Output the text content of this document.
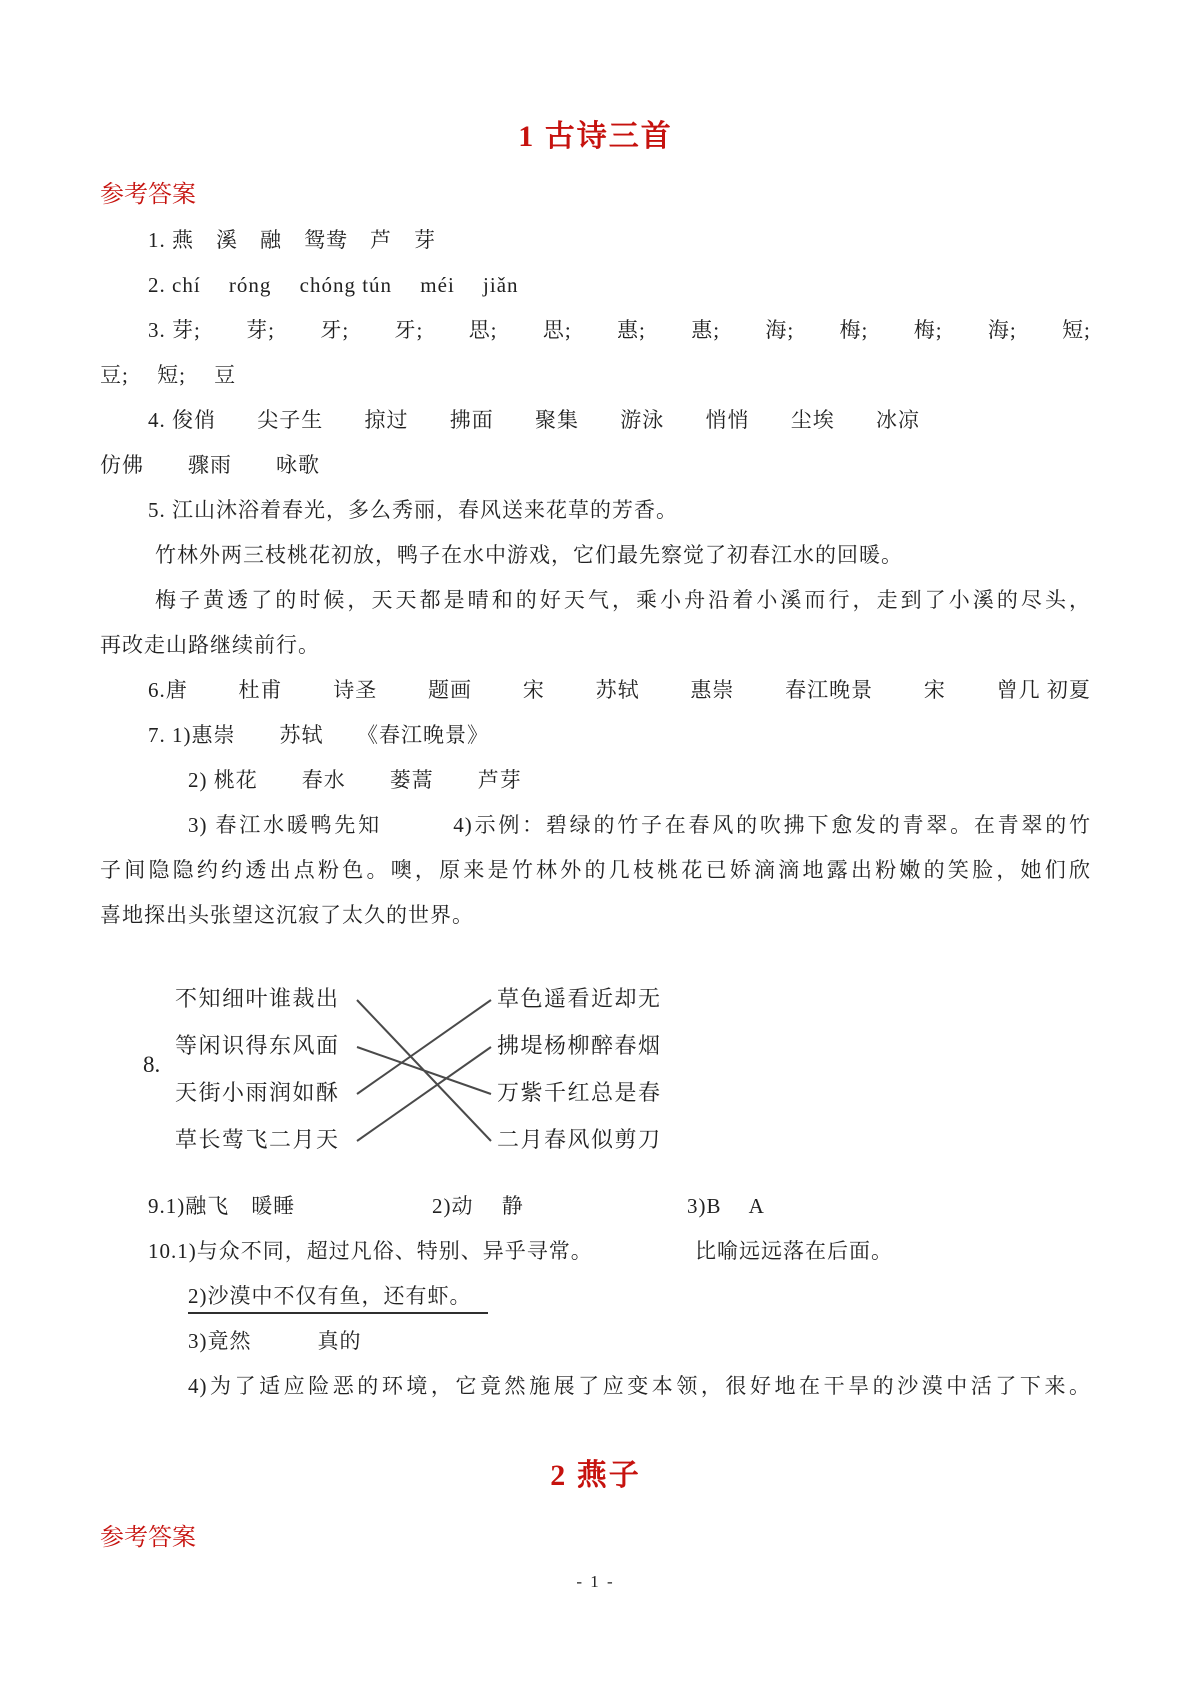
1 古诗三首
参考答案
1. 燕　溪　融　鸳鸯　芦　芽
2. chí　 róng　 chóng tún　 méi　 jiǎn
3. 芽; 芽; 牙; 牙; 思; 思; 惠; 惠; 海; 梅; 梅; 海; 短;
豆;　 短;　 豆
4. 俊俏 尖子生 掠过 拂面 聚集 游泳 悄悄 尘埃 冰凉
仿佛　　骤雨　　咏歌
5. 江山沐浴着春光，多么秀丽，春风送来花草的芳香。
竹林外两三枝桃花初放，鸭子在水中游戏，它们最先察觉了初春江水的回暖。
梅子黄透了的时候，天天都是晴和的好天气，乘小舟沿着小溪而行，走到了小溪的尽头，
再改走山路继续前行。
6.唐 杜甫 诗圣 题画 宋 苏轼 惠崇 春江晚景 宋 曾几 初夏
7. 1)惠崇　　苏轼　　《春江晚景》
2) 桃花　　春水　　蒌蒿　　芦芽
3) 春江水暖鸭先知　　　4)示例：碧绿的竹子在春风的吹拂下愈发的青翠。在青翠的竹
子间隐隐约约透出点粉色。噢，原来是竹林外的几枝桃花已娇滴滴地露出粉嫩的笑脸，她们欣
喜地探出头张望这沉寂了太久的世界。
8.
不知细叶谁裁出
等闲识得东风面
天街小雨润如酥
草长莺飞二月天
草色遥看近却无
拂堤杨柳醉春烟
万紫千红总是春
二月春风似剪刀
9.1)融飞　暖睡	2)动　 静	3)B　 A
10.1)与众不同，超过凡俗、特别、异乎寻常。	比喻远远落在后面。
2)沙漠中不仅有鱼，还有虾。
3)竟然　　　真的
4)为了适应险恶的环境，它竟然施展了应变本领，很好地在干旱的沙漠中活了下来。
2 燕子
参考答案
- 1 -
